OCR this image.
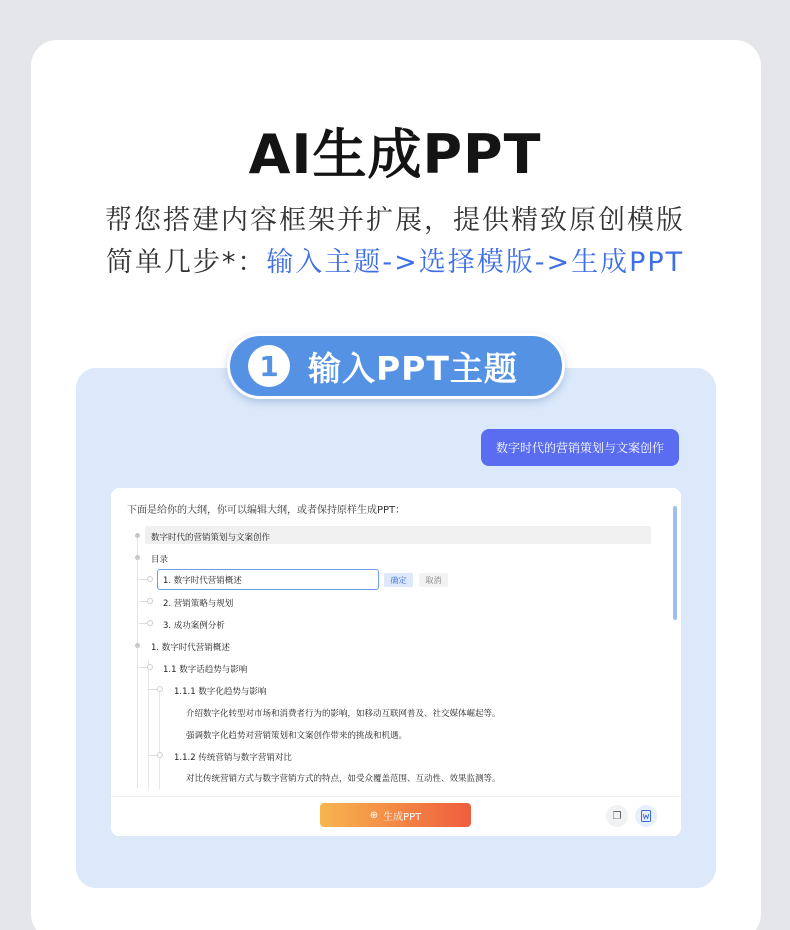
AI生成PPT
帮您搭建内容框架并扩展，提供精致原创模版
简单几步*：输入主题->选择模版->生成PPT
1 输入PPT主题
数字时代的营销策划与文案创作
下面是给你的大纲，你可以编辑大纲，或者保持原样生成PPT：
数字时代的营销策划与文案创作
目录
1. 数字时代营销概述	确定	取消
2. 营销策略与规划
3. 成功案例分析
1. 数字时代营销概述
1.1 数字话趋势与影响
1.1.1 数字化趋势与影响
介绍数字化转型对市场和消费者行为的影响，如移动互联网普及、社交媒体崛起等。
强调数字化趋势对营销策划和文案创作带来的挑战和机遇。
1.1.2 传统营销与数字营销对比
对比传统营销方式与数字营销方式的特点，如受众覆盖范围、互动性、效果监测等。
⊕ 生成PPT	❐
